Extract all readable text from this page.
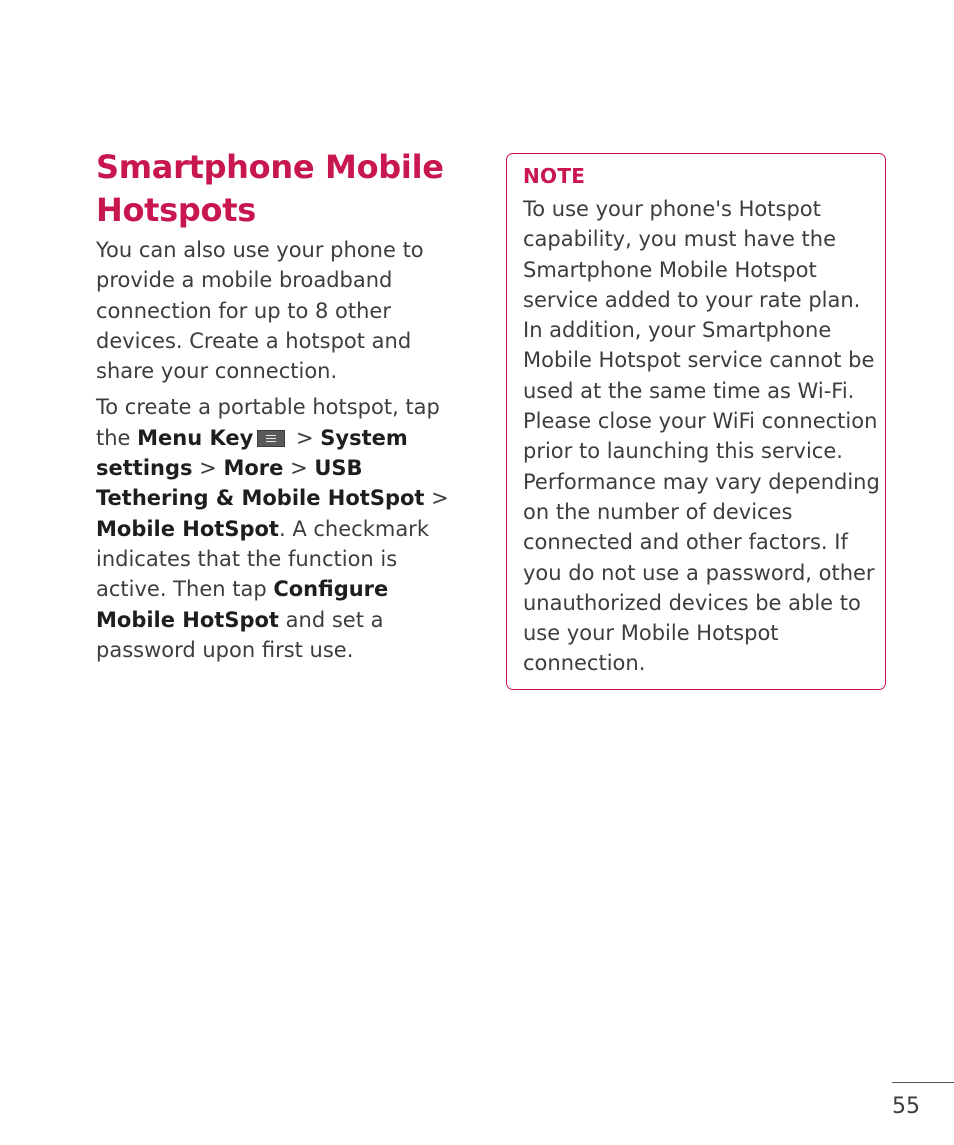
Smartphone Mobile Hotspots

You can also use your phone to provide a mobile broadband connection for up to 8 other devices. Create a hotspot and share your connection.

To create a portable hotspot, tap the Menu Key > System settings > More > USB Tethering & Mobile HotSpot > Mobile HotSpot. A checkmark indicates that the function is active. Then tap Configure Mobile HotSpot and set a password upon first use.

NOTE

To use your phone's Hotspot capability, you must have the Smartphone Mobile Hotspot service added to your rate plan. In addition, your Smartphone Mobile Hotspot service cannot be used at the same time as Wi-Fi. Please close your WiFi connection prior to launching this service. Performance may vary depending on the number of devices connected and other factors. If you do not use a password, other unauthorized devices be able to use your Mobile Hotspot connection.

55
